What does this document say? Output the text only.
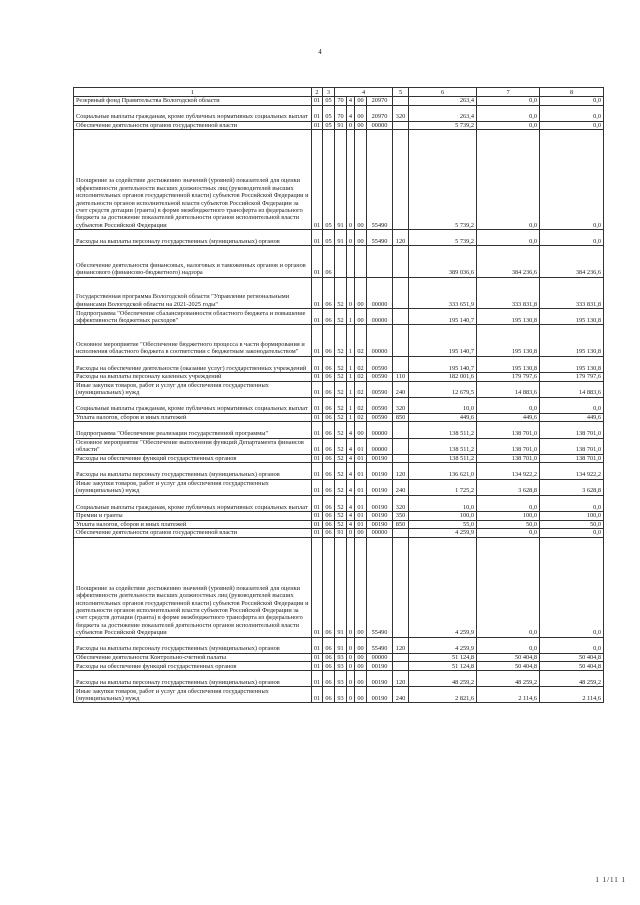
4
1	2	3	4				5	6	7	8
Резервный фонд Правительства Вологодской области	01	05	70	4	00	20970		263,4	0,0	0,0
Социальные выплаты гражданам, кроме публичных нормативных социальных выплат	01	05	70	4	00	20970	320	263,4	0,0	0,0
Обеспечение деятельности органов государственной власти	01	05	91	0	00	00000		5 739,2	0,0	0,0
Поощрение за содействие достижению значений (уровней) показателей для оценки эффективности деятельности высших должностных лиц (руководителей высших исполнительных органов государственной власти) субъектов Российской Федерации и деятельности органов исполнительной власти субъектов Российской Федерации за счет средств дотации (гранта) в форме межбюджетного трансферта из федерального бюджета за достижение показателей деятельности органов исполнительной власти субъектов Российской Федерации	01	05	91	0	00	55490		5 739,2	0,0	0,0
Расходы на выплаты персоналу государственных (муниципальных) органов	01	05	91	0	00	55490	120	5 739,2	0,0	0,0
Обеспечение деятельности финансовых, налоговых и таможенных органов и органов финансового (финансово-бюджетного) надзора	01	06						389 036,6	384 236,6	384 236,6
Государственная программа Вологодской области "Управление региональными финансами Вологодской области на 2021-2025 годы"	01	06	52	0	00	00000		333 651,9	333 831,8	333 831,8
Подпрограмма "Обеспечение сбалансированности областного бюджета и повышение эффективности бюджетных расходов"	01	06	52	1	00	00000		195 140,7	195 130,8	195 130,8
Основное мероприятие "Обеспечение бюджетного процесса в части формирования и исполнения областного бюджета в соответствии с бюджетным законодательством"	01	06	52	1	02	00000		195 140,7	195 130,8	195 130,8
Расходы на обеспечение деятельности (оказание услуг) государственных учреждений	01	06	52	1	02	00590		195 140,7	195 130,8	195 130,8
Расходы на выплаты персоналу казенных учреждений	01	06	52	1	02	00590	110	182 001,6	179 797,6	179 797,6
Иные закупки товаров, работ и услуг для обеспечения государственных (муниципальных) нужд	01	06	52	1	02	00590	240	12 679,5	14 883,6	14 883,6
Социальные выплаты гражданам, кроме публичных нормативных социальных выплат	01	06	52	1	02	00590	320	10,0	0,0	0,0
Уплата налогов, сборов и иных платежей	01	06	52	1	02	00590	850	449,6	449,6	449,6
Подпрограмма "Обеспечение реализации государственной программы"	01	06	52	4	00	00000		138 511,2	138 701,0	138 701,0
Основное мероприятие "Обеспечение выполнения функций Департамента финансов области"	01	06	52	4	01	00000		138 511,2	138 701,0	138 701,0
Расходы на обеспечение функций государственных органов	01	06	52	4	01	00190		138 511,2	138 701,0	138 701,0
Расходы на выплаты персоналу государственных (муниципальных) органов	01	06	52	4	01	00190	120	136 621,0	134 922,2	134 922,2
Иные закупки товаров, работ и услуг для обеспечения государственных (муниципальных) нужд	01	06	52	4	01	00190	240	1 725,2	3 628,8	3 628,8
Социальные выплаты гражданам, кроме публичных нормативных социальных выплат	01	06	52	4	01	00190	320	10,0	0,0	0,0
Премии и гранты	01	06	52	4	01	00190	350	100,0	100,0	100,0
Уплата налогов, сборов и иных платежей	01	06	52	4	01	00190	850	55,0	50,0	50,0
Обеспечение деятельности органов государственной власти	01	06	91	0	00	00000		4 259,9	0,0	0,0
Поощрение за содействие достижению значений (уровней) показателей для оценки эффективности деятельности высших должностных лиц (руководителей высших исполнительных органов государственной власти) субъектов Российской Федерации и деятельности органов исполнительной власти субъектов Российской Федерации за счет средств дотации (гранта) в форме межбюджетного трансферта из федерального бюджета за достижение показателей деятельности органов исполнительной власти субъектов Российской Федерации	01	06	91	0	00	55490		4 259,9	0,0	0,0
Расходы на выплаты персоналу государственных (муниципальных) органов	01	06	91	0	00	55490	120	4 259,9	0,0	0,0
Обеспечение деятельности Контрольно-счетной палаты	01	06	93	0	00	00000		51 124,8	50 404,8	50 404,8
Расходы на обеспечение функций государственных органов	01	06	93	0	00	00190		51 124,8	50 404,8	50 404,8
Расходы на выплаты персоналу государственных (муниципальных) органов	01	06	93	0	00	00190	120	48 259,2	48 259,2	48 259,2
Иные закупки товаров, работ и услуг для обеспечения государственных (муниципальных) нужд	01	06	93	0	00	00190	240	2 821,6	2 114,6	2 114,6
1 1/11 1
